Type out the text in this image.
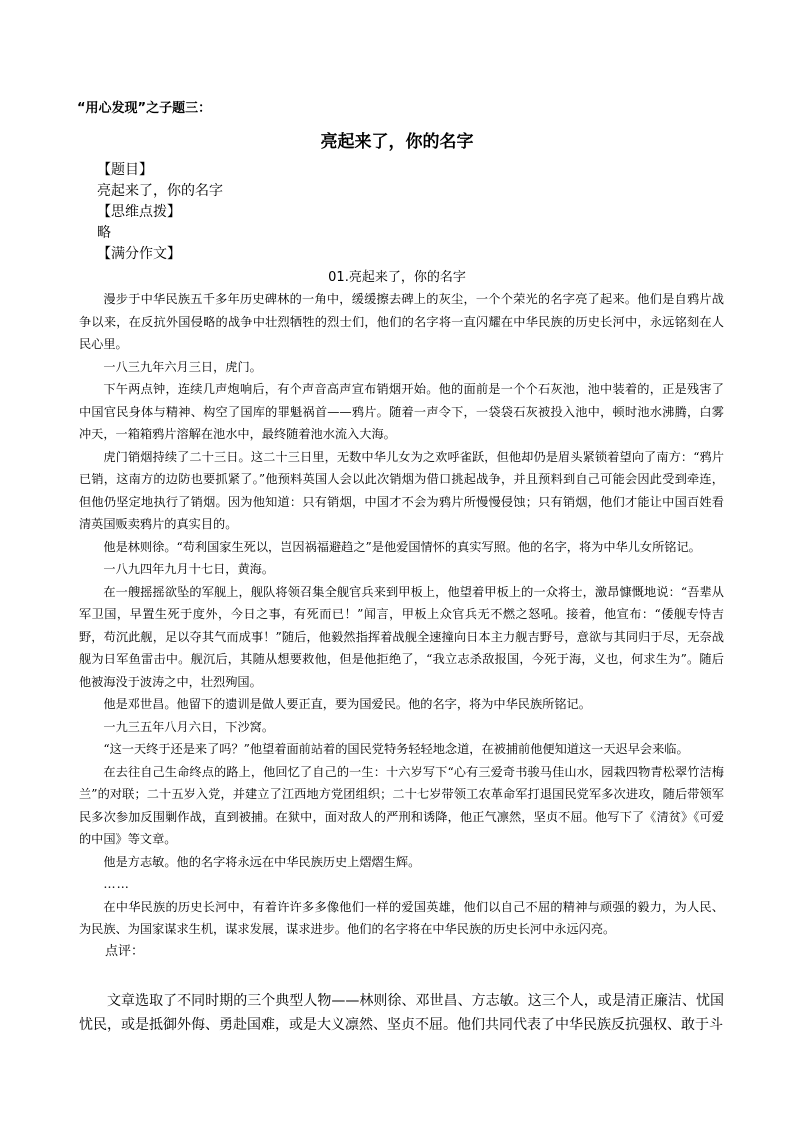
“用心发现”之子题三：
亮起来了，你的名字
【题目】
亮起来了，你的名字
【思维点拨】
略
【满分作文】
01.亮起来了，你的名字

漫步于中华民族五千多年历史碑林的一角中，缓缓擦去碑上的灰尘，一个个荣光的名字亮了起来。他们是自鸦片战争以来，在反抗外国侵略的战争中壮烈牺牲的烈士们，他们的名字将一直闪耀在中华民族的历史长河中，永远铭刻在人民心里。

一八三九年六月三日，虎门。

下午两点钟，连续几声炮响后，有个声音高声宣布销烟开始。他的面前是一个个石灰池，池中装着的，正是残害了中国官民身体与精神、构空了国库的罪魁祸首——鸦片。随着一声令下，一袋袋石灰被投入池中，顿时池水沸腾，白雾冲天，一箱箱鸦片溶解在池水中，最终随着池水流入大海。

虎门销烟持续了二十三日。这二十三日里，无数中华儿女为之欢呼雀跃，但他却仍是眉头紧锁着望向了南方：“鸦片已销，这南方的边防也要抓紧了。”他预料英国人会以此次销烟为借口挑起战争，并且预料到自己可能会因此受到牵连，但他仍坚定地执行了销烟。因为他知道：只有销烟，中国才不会为鸦片所慢慢侵蚀；只有销烟，他们才能让中国百姓看清英国贩卖鸦片的真实目的。

他是林则徐。“苟利国家生死以，岂因祸福避趋之”是他爱国情怀的真实写照。他的名字，将为中华儿女所铭记。

一八九四年九月十七日，黄海。

在一艘摇摇欲坠的军舰上，舰队将领召集全舰官兵来到甲板上，他望着甲板上的一众将士，激昂慷慨地说：“吾辈从军卫国，早置生死于度外，今日之事，有死而已！”闻言，甲板上众官兵无不燃之怒吼。接着，他宣布：“倭舰专恃吉野，苟沉此舰，足以夺其气而成事！”随后，他毅然指挥着战舰全速撞向日本主力舰吉野号，意欲与其同归于尽，无奈战舰为日军鱼雷击中。舰沉后，其随从想要救他，但是他拒绝了，“我立志杀敌报国，今死于海，义也，何求生为”。随后他被海没于波涛之中，壮烈殉国。

他是邓世昌。他留下的遗训是做人要正直，要为国爱民。他的名字，将为中华民族所铭记。

一九三五年八月六日，下沙窝。

“这一天终于还是来了吗？”他望着面前站着的国民党特务轻轻地念道，在被捕前他便知道这一天迟早会来临。

在去往自己生命终点的路上，他回忆了自己的一生：十六岁写下“心有三爱奇书骏马佳山水，园栽四物青松翠竹洁梅兰”的对联；二十五岁入党，并建立了江西地方党团组织；二十七岁带领工农革命军打退国民党军多次进攻，随后带领军民多次参加反围剿作战，直到被捕。在狱中，面对敌人的严刑和诱降，他正气凛然，坚贞不屈。他写下了《清贫》《可爱的中国》等文章。

他是方志敏。他的名字将永远在中华民族历史上熠熠生辉。

……

在中华民族的历史长河中，有着许许多多像他们一样的爱国英雄，他们以自己不屈的精神与顽强的毅力，为人民、为民族、为国家谋求生机，谋求发展，谋求进步。他们的名字将在中华民族的历史长河中永远闪亮。

点评：

文章选取了不同时期的三个典型人物——林则徐、邓世昌、方志敏。这三个人，或是清正廉洁、忧国忧民，或是抵御外侮、勇赴国难，或是大义凛然、坚贞不屈。他们共同代表了中华民族反抗强权、敢于斗
